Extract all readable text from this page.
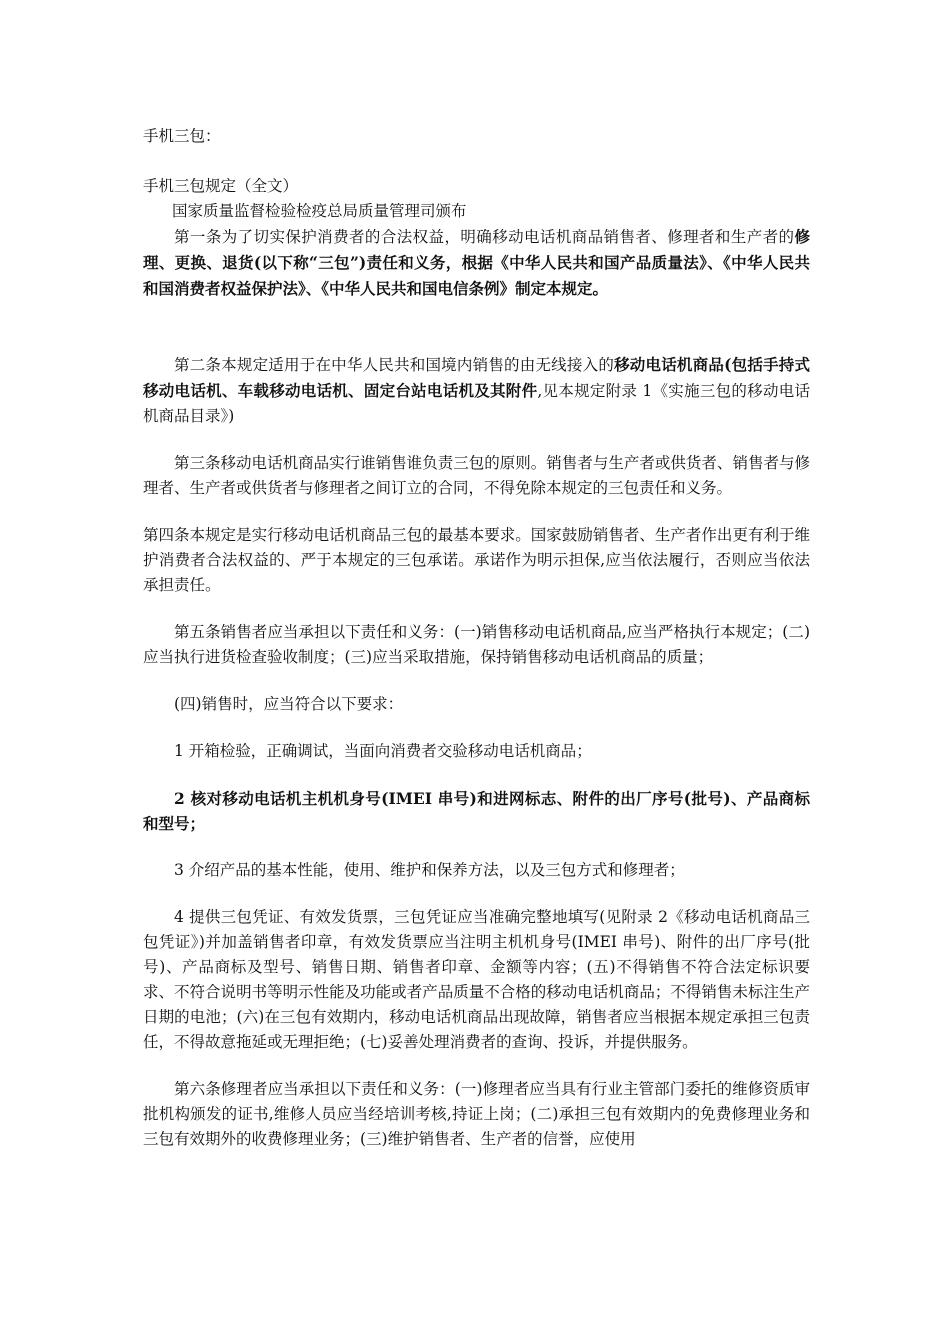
手机三包：

手机三包规定（全文）

国家质量监督检验检疫总局质量管理司颁布

第一条为了切实保护消费者的合法权益，明确移动电话机商品销售者、修理者和生产者的修理、更换、退货(以下称“三包”)责任和义务，根据《中华人民共和国产品质量法》、《中华人民共和国消费者权益保护法》、《中华人民共和国电信条例》制定本规定。

第二条本规定适用于在中华人民共和国境内销售的由无线接入的移动电话机商品(包括手持式移动电话机、车载移动电话机、固定台站电话机及其附件,见本规定附录 1《实施三包的移动电话机商品目录》)

第三条移动电话机商品实行谁销售谁负责三包的原则。销售者与生产者或供货者、销售者与修理者、生产者或供货者与修理者之间订立的合同，不得免除本规定的三包责任和义务。

第四条本规定是实行移动电话机商品三包的最基本要求。国家鼓励销售者、生产者作出更有利于维护消费者合法权益的、严于本规定的三包承诺。承诺作为明示担保,应当依法履行，否则应当依法承担责任。

第五条销售者应当承担以下责任和义务：(一)销售移动电话机商品,应当严格执行本规定；(二)应当执行进货检查验收制度；(三)应当采取措施，保持销售移动电话机商品的质量；

(四)销售时，应当符合以下要求：

1 开箱检验，正确调试，当面向消费者交验移动电话机商品；

2 核对移动电话机主机机身号(IMEI 串号)和进网标志、附件的出厂序号(批号)、产品商标和型号；

3 介绍产品的基本性能，使用、维护和保养方法，以及三包方式和修理者；

4 提供三包凭证、有效发货票，三包凭证应当准确完整地填写(见附录 2《移动电话机商品三包凭证》)并加盖销售者印章，有效发货票应当注明主机机身号(IMEI 串号)、附件的出厂序号(批号)、产品商标及型号、销售日期、销售者印章、金额等内容；(五)不得销售不符合法定标识要求、不符合说明书等明示性能及功能或者产品质量不合格的移动电话机商品；不得销售未标注生产日期的电池；(六)在三包有效期内，移动电话机商品出现故障，销售者应当根据本规定承担三包责任，不得故意拖延或无理拒绝；(七)妥善处理消费者的查询、投诉，并提供服务。

第六条修理者应当承担以下责任和义务：(一)修理者应当具有行业主管部门委托的维修资质审批机构颁发的证书,维修人员应当经培训考核,持证上岗；(二)承担三包有效期内的免费修理业务和三包有效期外的收费修理业务；(三)维护销售者、生产者的信誉，应使用
